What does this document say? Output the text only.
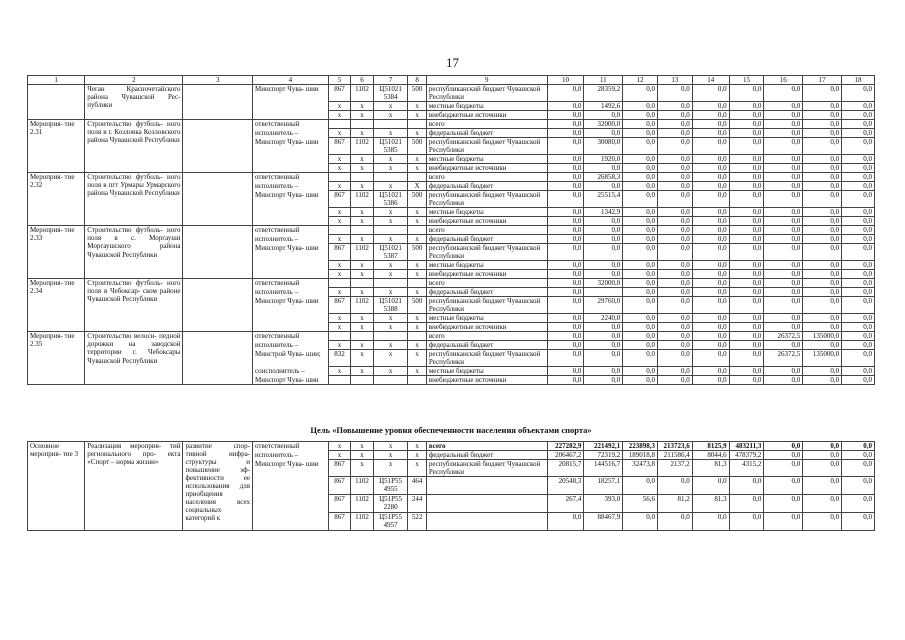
17
1	2	3	4	5	6	7	8	9	10	11	12	13	14	15	16	17	18
	Чеган Красночетайского района Чувашской Рес- публики		Минспорт Чува- шии	867	1102	Ц51021 5384	500	республиканский бюджет Чувашской Республики	0,0	28359,2	0,0	0,0	0,0	0,0	0,0	0,0	0,0
				x	x	x	x	местные бюджеты	0,0	1492,6	0,0	0,0	0,0	0,0	0,0	0,0	0,0
				x	x	x	x	внебюджетные источники	0,0	0,0	0,0	0,0	0,0	0,0	0,0	0,0	0,0
Мероприя- тие 2.31	Строительство футболь- ного поля в г. Козловка Козловского района Чувашской Республики		ответственный					всего	0,0	32000,0	0,0	0,0	0,0	0,0	0,0	0,0	0,0
			исполнитель –	x	x	x	x	федеральный бюджет	0,0	0,0	0,0	0,0	0,0	0,0	0,0	0,0	0,0
			Минспорт Чува- шии	867	1102	Ц51021 5385	500	республиканский бюджет Чувашской Республики	0,0	30080,0	0,0	0,0	0,0	0,0	0,0	0,0	0,0
				x	x	x	x	местные бюджеты	0,0	1920,0	0,0	0,0	0,0	0,0	0,0	0,0	0,0
				x	x	x	x	внебюджетные источники	0,0	0,0	0,0	0,0	0,0	0,0	0,0	0,0	0,0
Мероприя- тие 2.32	Строительство футболь- ного поля в пгт Урмары Урмарского района Чувашской Республики		ответственный					всего	0,0	26858,3	0,0	0,0	0,0	0,0	0,0	0,0	0,0
			исполнитель –	x	x	x	X	федеральный бюджет	0,0	0,0	0,0	0,0	0,0	0,0	0,0	0,0	0,0
			Минспорт Чува- шии	867	1102	Ц51021 5386	500	республиканский бюджет Чувашской Республики	0,0	25515,4	0,0	0,0	0,0	0,0	0,0	0,0	0,0
				x	x	x	x	местные бюджеты	0,0	1342,9	0,0	0,0	0,0	0,0	0,0	0,0	0,0
				x	x	x	x	внебюджетные источники	0,0	0,0	0,0	0,0	0,0	0,0	0,0	0,0	0,0
Мероприя- тие 2.33	Строительство футболь- ного поля в с. Моргауши Моргаушского района Чувашской Республики		ответственный					всего	0,0	0,0	0,0	0,0	0,0	0,0	0,0	0,0	0,0
			исполнитель –	x	x	x	x	федеральный бюджет	0,0	0,0	0,0	0,0	0,0	0,0	0,0	0,0	0,0
			Минспорт Чува- шии	867	1102	Ц51021 5387	500	республиканский бюджет Чувашской Республики	0,0	0,0	0,0	0,0	0,0	0,0	0,0	0,0	0,0
				x	x	x	x	местные бюджеты	0,0	0,0	0,0	0,0	0,0	0,0	0,0	0,0	0,0
				x	x	x	x	внебюджетные источники	0,0	0,0	0,0	0,0	0,0	0,0	0,0	0,0	0,0
Мероприя- тие 2.34	Строительство футболь- ного поля в Чебоксар- ском районе Чувашской Республики		ответственный					всего	0,0	32000,0	0,0	0,0	0,0	0,0	0,0	0,0	0,0
			исполнитель –	x	x	x	x	федеральный бюджет	0,0		0,0	0,0	0,0	0,0	0,0	0,0	0,0
			Минспорт Чува- шии	867	1102	Ц51021 5388	500	республиканский бюджет Чувашской Республики	0,0	29760,0	0,0	0,0	0,0	0,0	0,0	0,0	0,0
				x	x	x	x	местные бюджеты	0,0	2240,0	0,0	0,0	0,0	0,0	0,0	0,0	0,0
				x	x	x	x	внебюджетные источники	0,0	0,0	0,0	0,0	0,0	0,0	0,0	0,0	0,0
Мероприя- тие 2.35	Строительство велоси- педной дорожки на заводской территории г. Чебоксары Чувашской Республики		ответственный					всего	0,0	0,0	0,0	0,0	0,0	0,0	26372,5	135000,0	0,0
			исполнитель –	x	x	x	x	федеральный бюджет	0,0	0,0	0,0	0,0	0,0	0,0	0,0	0,0	0,0
			Минстрой Чува- шии;	832	x	x	x	республиканский бюджет Чувашской Республики	0,0	0,0	0,0	0,0	0,0	0,0	26372,5	135000,0	0,0
			соисполнитель –	x	x	x	x	местные бюджеты	0,0	0,0	0,0	0,0	0,0	0,0	0,0	0,0	0,0
			Минспорт Чува- шии					внебюджетные источники	0,0	0,0	0,0	0,0	0,0	0,0	0,0	0,0	0,0
Цель «Повышение уровня обеспеченности населения объектами спорта»
Основное мероприя- тие 3	Реализация мероприя- тий регионального про- екта «Спорт – норма жизни»	развитие спор- тивной инфра- структуры и повышение эф- фективности ее использования для приобщения населения всех социальных категорий к	ответственный	x	x	x	x	всего	227282,9	221492,1	223898,3	213723,6	8125,9	483211,3	0,0	0,0	0,0
			исполнитель –	x	x	x	x	федеральный бюджет	206467,2	72319,2	189018,8	211586,4	8044,6	478379,2	0,0	0,0	0,0
			Минспорт Чува- шии	867	x	x	x	республиканский бюджет Чувашской Республики	20815,7	144516,7	32473,8	2137,2	81,3	4315,2	0,0	0,0	0,0
				867	1102	Ц51Р55 4955	464		20548,3	18257,1	0,0	0,0	0,0	0,0	0,0	0,0	0,0
				867	1102	Ц51Р55 2280	244		267,4	393,0	56,6	81,2	81,3	0,0	0,0	0,0	0,0
				867	1102	Ц51Р55 4957	522		0,0	88467,9	0,0	0,0	0,0	0,0	0,0	0,0	0,0
